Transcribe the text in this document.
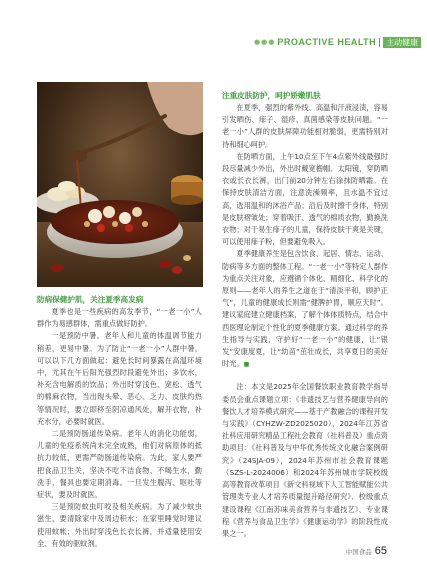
●●● PROACTIVE HEALTH	主动健康

防病保健护肌，关注夏季高发病

夏季也是一些疾病的高发季节，“一老一小”人群作为易感群体，需重点做好防护。

一是预防中暑。老年人和儿童的体温调节能力稍差，更易中暑。为了防止“一老一小”人群中暑，可以以下几方面做起：避免长时间暴露在高温环境中，尤其在午后阳光强烈时段避免外出；多饮水，补充含电解质的饮品；外出时穿浅色、宽松、透气的棉麻衣物，当出现头晕、恶心、乏力、皮肤灼热等情况时，要立即移至阴凉通风处，解开衣物，补充水分，必要时就医。

二是预防肠道传染病。老年人的消化功能弱，儿童的免疫系统尚未完全成熟，他们对病原体的抵抗力较低，更需严防肠道传染病。为此，家人要严把食品卫生关，坚决不吃不洁食物、不喝生水，勤洗手，餐具也要定期消毒。一旦发生腹泻、呕吐等症状，要及时就医。

三是预防蚊虫叮咬及相关疾病。为了减少蚊虫滋生，要清除家中及周边积水；在家里睡觉时建议使用蚊帐；外出时穿浅色长衣长裤，并适量使用安全、有效的驱蚊剂。

注重皮肤防护，呵护娇嫩肌肤

在夏季，强烈的紫外线、高温和汗液浸渍，容易引发晒伤、痱子、湿疹、真菌感染等皮肤问题。“一老一小”人群的皮肤屏障功能相对脆弱，更需特别对待和细心呵护。

在防晒方面，上午10点至下午4点紫外线最强时段尽量减少外出，外出时戴宽檐帽、太阳镜，穿防晒衣或长衣长裤，出门前20分钟左右涂抹防晒霜。在保持皮肤清洁方面，注意洗澡频率，且水温不宜过高，选用温和的沐浴产品；沿后及时擦干身体，特别是皮肤褶皱处；穿着吸汗、透气的棉质衣物，勤换洗衣物；对于易生痱子的儿童，保持皮肤干爽是关键，可以使用痱子粉，但要避免吸入。

夏季健康养生是包含饮食、起居、情志、运动、防病等多方面的整体工程。“一老一小”等特定人群作为重点关注对象，应遵循个体化、精细化、科学化的原则——老年人的养生之道在于“清淡平和，顾护正气”，儿童的健康成长则需“健脾护胃，顺应天时”。建议家庭建立健康档案，了解个体体质特点，结合中西医理论制定个性化的夏季健康方案。通过科学的养生指导与实践，守护好“一老一小”的健康，让“银发”安康度夏，让“幼苗”茁壮成长，共享夏日的美好时光。■

注：本文是2025年全国餐饮职业教育教学指导委员会重点课题立项：《非遗技艺与营养健康导向的餐饮人才培养模式研究——基于产教融合的课程开发与实践》（CYHZW-ZD2025020），2024年江苏省社科应用研究精品工程社会教育（社科普及）重点资助项目：《社科普及与中华优秀传统文化融合案例研究》（24SJA-09），2024年苏州市社会教育课题（SZS-L-2024006）和2024年苏州城市学院校级高等教育改革项目《新文科视域下人工智能赋能公共管理类专业人才培养质量提升路径研究》、校级重点建设课程《江南苏味美食营养与非遗技艺》、专业课程《营养与食品卫生学》《健康运动学》的阶段性成果之一。

中国食品 65
